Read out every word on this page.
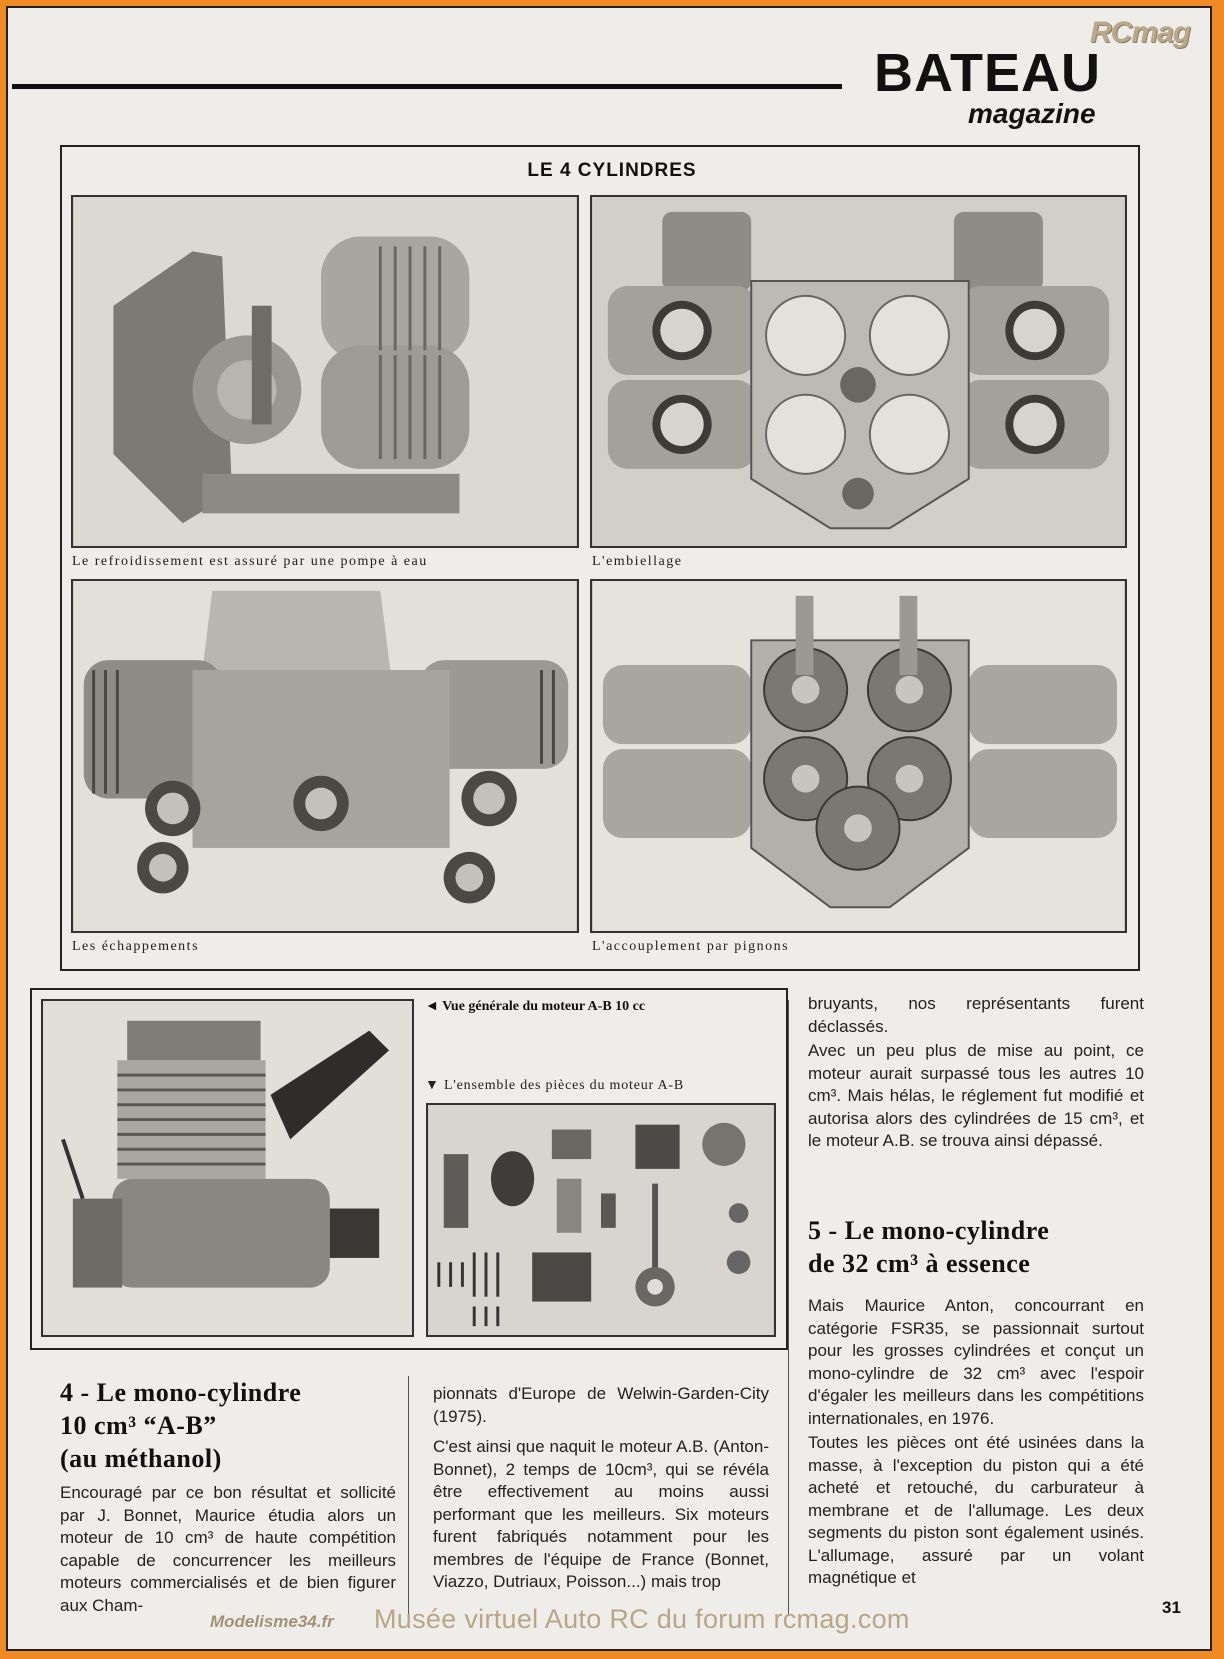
RCmag
BATEAU
magazine
LE 4 CYLINDRES
Le refroidissement est assuré par une pompe à eau	L'embiellage
Les échappements	L'accouplement par pignons
◄ Vue générale du moteur A-B 10 cc
▼ L'ensemble des pièces du moteur A-B
4 - Le mono-cylindre
10 cm³ “A-B”
(au méthanol)

Encouragé par ce bon résultat et sollicité par J. Bonnet, Maurice étudia alors un moteur de 10 cm³ de haute compétition capable de concurrencer les meilleurs moteurs commercialisés et de bien figurer aux Cham-

pionnats d'Europe de Welwin-Garden-City (1975).

C'est ainsi que naquit le moteur A.B. (Anton-Bonnet), 2 temps de 10cm³, qui se révéla être effectivement au moins aussi performant que les meilleurs. Six moteurs furent fabriqués notamment pour les membres de l'équipe de France (Bonnet, Viazzo, Dutriaux, Poisson...) mais trop

bruyants, nos représentants furent déclassés.

Avec un peu plus de mise au point, ce moteur aurait surpassé tous les autres 10 cm³. Mais hélas, le réglement fut modifié et autorisa alors des cylindrées de 15 cm³, et le moteur A.B. se trouva ainsi dépassé.

5 - Le mono-cylindre
de 32 cm³ à essence

Mais Maurice Anton, concourrant en catégorie FSR35, se passionnait surtout pour les grosses cylindrées et conçut un mono-cylindre de 32 cm³ avec l'espoir d'égaler les meilleurs dans les compétitions internationales, en 1976.

Toutes les pièces ont été usinées dans la masse, à l'exception du piston qui a été acheté et retouché, du carburateur à membrane et de l'allumage. Les deux segments du piston sont également usinés. L'allumage, assuré par un volant magnétique et

31
Modelisme34.fr Musée virtuel Auto RC du forum rcmag.com
